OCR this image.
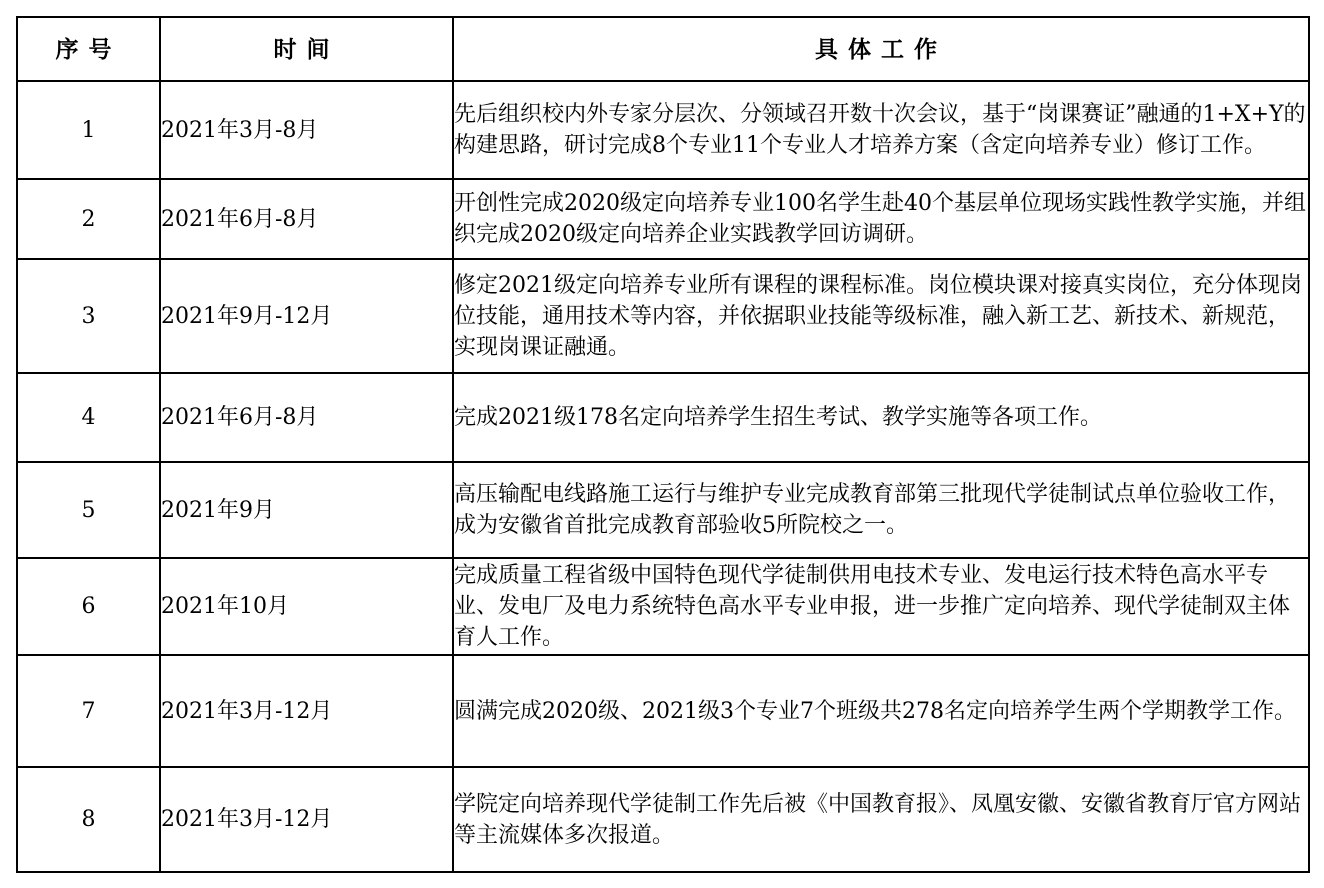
序号	时间	具体工作
1	2021年3月-8月	先后组织校内外专家分层次、分领域召开数十次会议，基于“岗课赛证”融通的1+X+Y的构建思路，研讨完成8个专业11个专业人才培养方案（含定向培养专业）修订工作。
2	2021年6月-8月	开创性完成2020级定向培养专业100名学生赴40个基层单位现场实践性教学实施，并组织完成2020级定向培养企业实践教学回访调研。
3	2021年9月-12月	修定2021级定向培养专业所有课程的课程标准。岗位模块课对接真实岗位，充分体现岗位技能，通用技术等内容，并依据职业技能等级标准，融入新工艺、新技术、新规范，实现岗课证融通。
4	2021年6月-8月	完成2021级178名定向培养学生招生考试、教学实施等各项工作。
5	2021年9月	高压输配电线路施工运行与维护专业完成教育部第三批现代学徒制试点单位验收工作，成为安徽省首批完成教育部验收5所院校之一。
6	2021年10月	完成质量工程省级中国特色现代学徒制供用电技术专业、发电运行技术特色高水平专业、发电厂及电力系统特色高水平专业申报，进一步推广定向培养、现代学徒制双主体育人工作。
7	2021年3月-12月	圆满完成2020级、2021级3个专业7个班级共278名定向培养学生两个学期教学工作。
8	2021年3月-12月	学院定向培养现代学徒制工作先后被《中国教育报》、凤凰安徽、安徽省教育厅官方网站等主流媒体多次报道。
